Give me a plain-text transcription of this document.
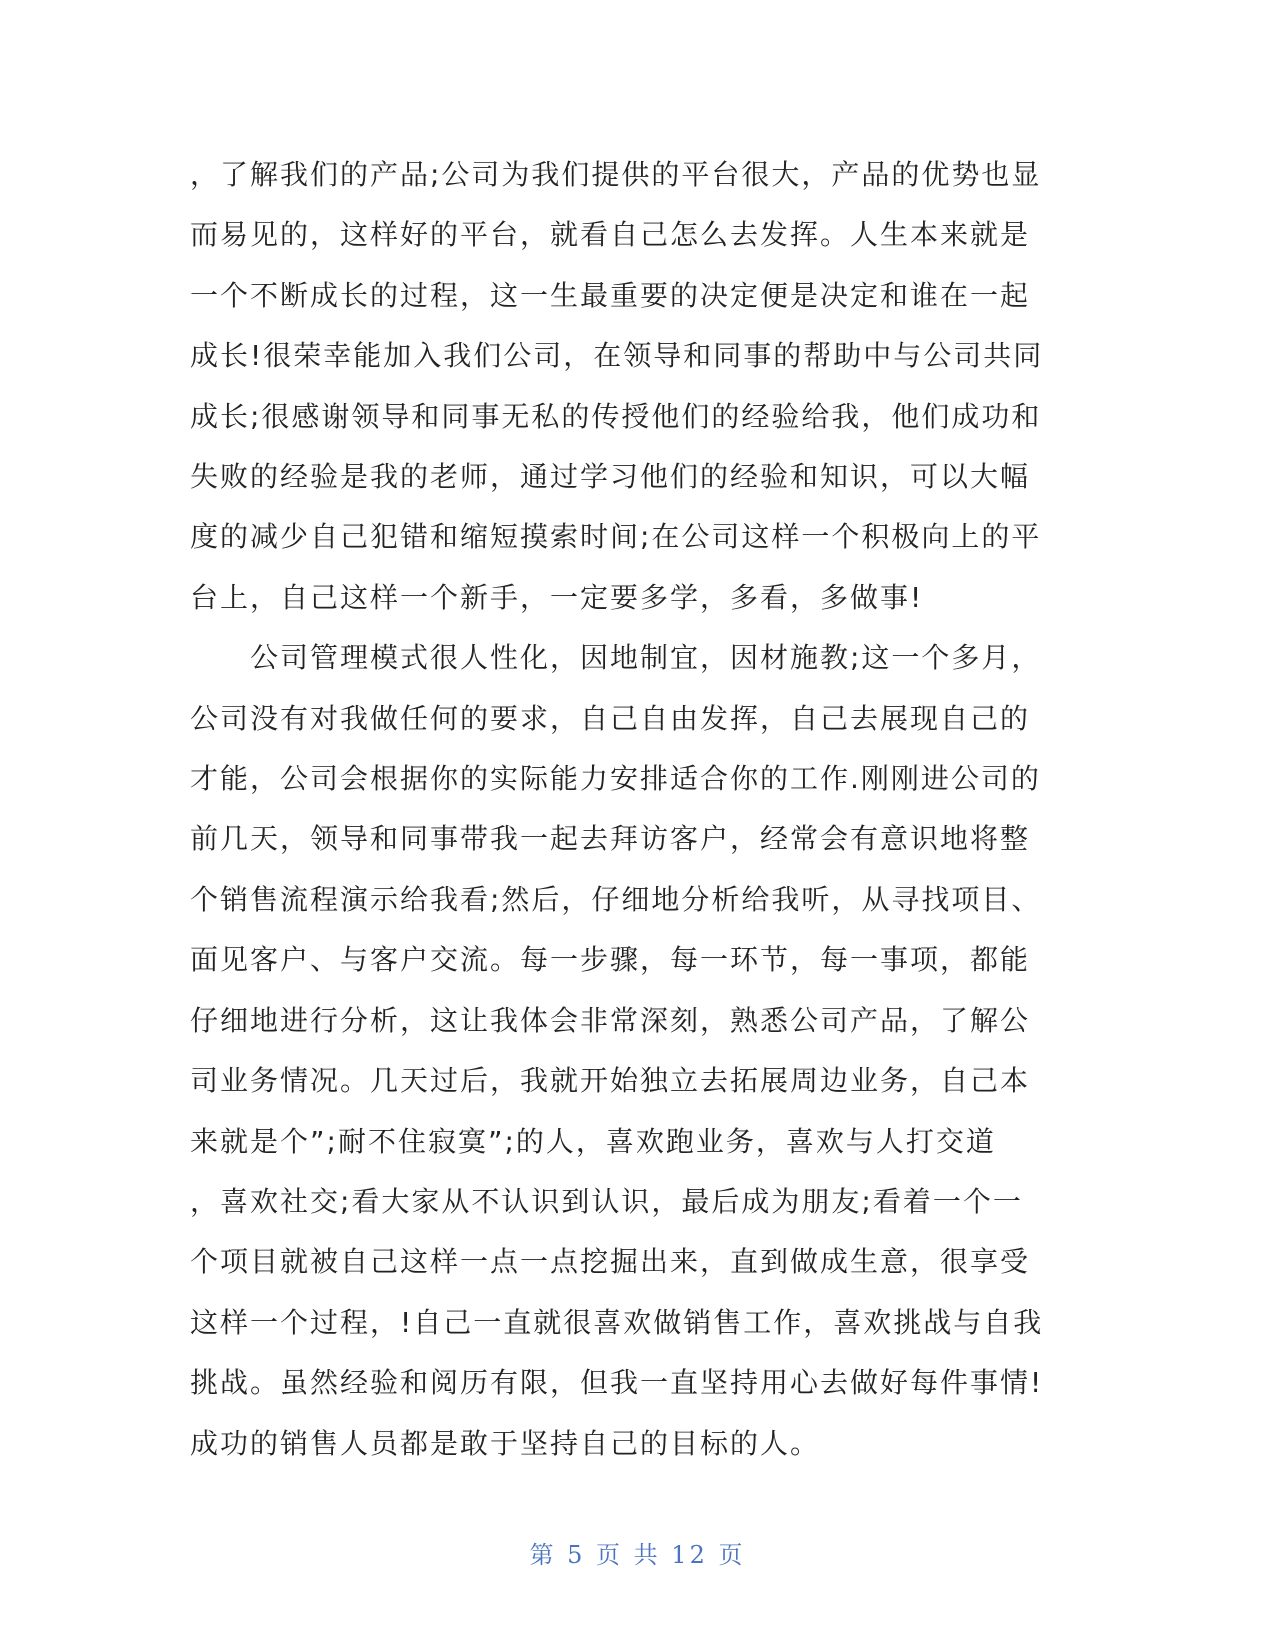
，了解我们的产品;公司为我们提供的平台很大，产品的优势也显
而易见的，这样好的平台，就看自己怎么去发挥。人生本来就是
一个不断成长的过程，这一生最重要的决定便是决定和谁在一起
成长!很荣幸能加入我们公司，在领导和同事的帮助中与公司共同
成长;很感谢领导和同事无私的传授他们的经验给我，他们成功和
失败的经验是我的老师，通过学习他们的经验和知识，可以大幅
度的减少自己犯错和缩短摸索时间;在公司这样一个积极向上的平
台上，自己这样一个新手，一定要多学，多看，多做事!
　　公司管理模式很人性化，因地制宜，因材施教;这一个多月，
公司没有对我做任何的要求，自己自由发挥，自己去展现自己的
才能，公司会根据你的实际能力安排适合你的工作.刚刚进公司的
前几天，领导和同事带我一起去拜访客户，经常会有意识地将整
个销售流程演示给我看;然后，仔细地分析给我听，从寻找项目、
面见客户、与客户交流。每一步骤，每一环节，每一事项，都能
仔细地进行分析，这让我体会非常深刻，熟悉公司产品，了解公
司业务情况。几天过后，我就开始独立去拓展周边业务，自己本
来就是个”;耐不住寂寞”;的人，喜欢跑业务，喜欢与人打交道
，喜欢社交;看大家从不认识到认识，最后成为朋友;看着一个一
个项目就被自己这样一点一点挖掘出来，直到做成生意，很享受
这样一个过程，!自己一直就很喜欢做销售工作，喜欢挑战与自我
挑战。虽然经验和阅历有限，但我一直坚持用心去做好每件事情!
成功的销售人员都是敢于坚持自己的目标的人。
第 5 页 共 12 页
